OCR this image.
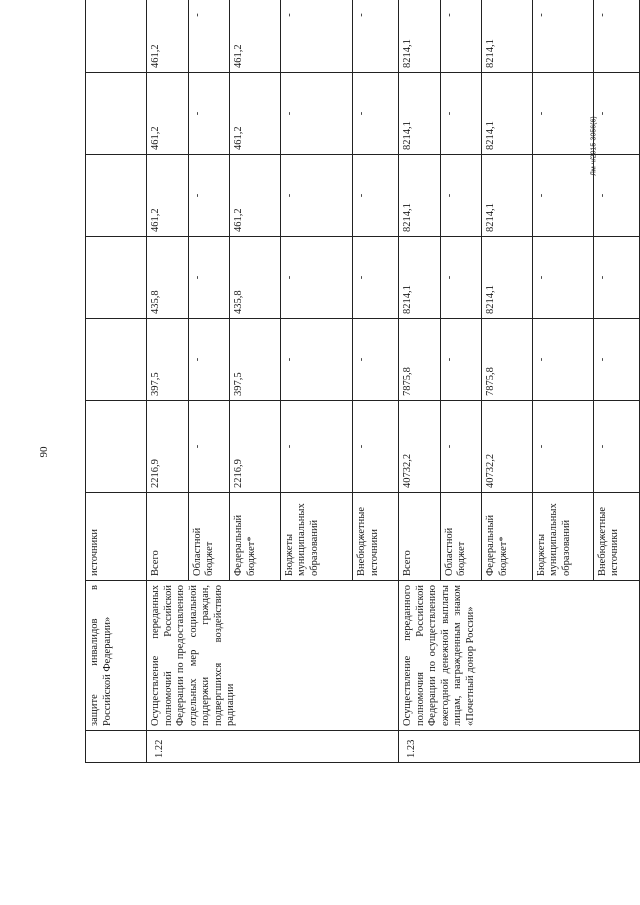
90
Лм-ч/2015-3056(6)
	защите инвалидов в Российской Федерации»	источники						
1.22	Осуществление переданных полномочий Российской Федерации по предоставлению отдельных мер социальной поддержки граждан, подвергшихся воздействию радиации	Всего	2216,9	397,5	435,8	461,2	461,2	461,2
		Областной бюджет	-	-	-	-	-	-
		Федеральный бюджет*	2216,9	397,5	435,8	461,2	461,2	461,2
		Бюджеты муниципальных образований	-	-	-	-	-	-
		Внебюджетные источники	-	-	-	-	-	-
1.23	Осуществление переданного полномочия Российской Федерации по осуществлению ежегодной денежной выплаты лицам, награжденным знаком «Почетный донор России»	Всего	40732,2	7875,8	8214,1	8214,1	8214,1	8214,1
		Областной бюджет	-	-	-	-	-	-
		Федеральный бюджет*	40732,2	7875,8	8214,1	8214,1	8214,1	8214,1
		Бюджеты муниципальных образований	-	-	-	-	-	-
		Внебюджетные источники	-	-	-	-	-	-
